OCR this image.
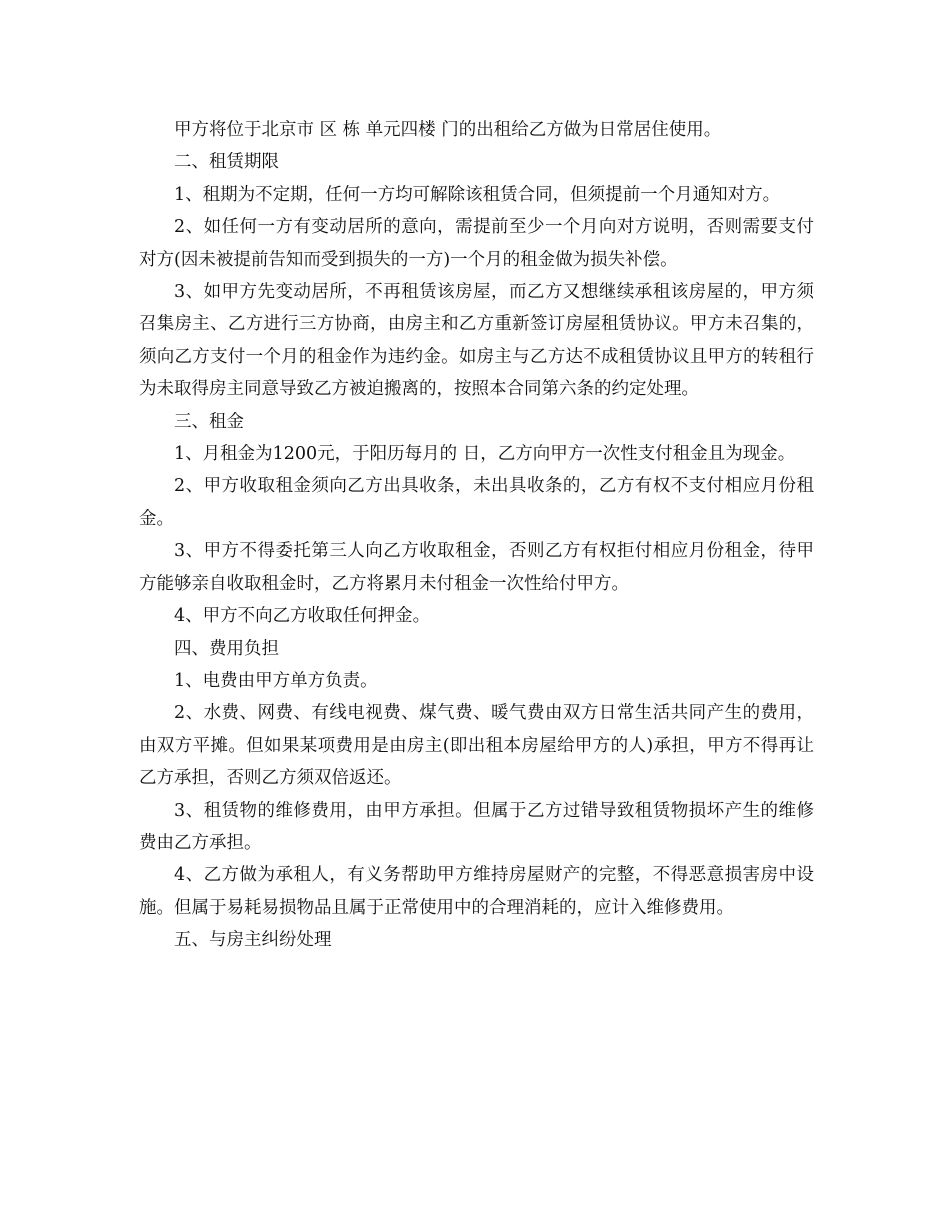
甲方将位于北京市 区 栋 单元四楼 门的出租给乙方做为日常居住使用。

二、租赁期限

1、租期为不定期，任何一方均可解除该租赁合同，但须提前一个月通知对方。

2、如任何一方有变动居所的意向，需提前至少一个月向对方说明，否则需要支付对方(因未被提前告知而受到损失的一方)一个月的租金做为损失补偿。

3、如甲方先变动居所，不再租赁该房屋，而乙方又想继续承租该房屋的，甲方须召集房主、乙方进行三方协商，由房主和乙方重新签订房屋租赁协议。甲方未召集的，须向乙方支付一个月的租金作为违约金。如房主与乙方达不成租赁协议且甲方的转租行为未取得房主同意导致乙方被迫搬离的，按照本合同第六条的约定处理。

三、租金

1、月租金为1200元，于阳历每月的 日，乙方向甲方一次性支付租金且为现金。

2、甲方收取租金须向乙方出具收条，未出具收条的，乙方有权不支付相应月份租金。

3、甲方不得委托第三人向乙方收取租金，否则乙方有权拒付相应月份租金，待甲方能够亲自收取租金时，乙方将累月未付租金一次性给付甲方。

4、甲方不向乙方收取任何押金。

四、费用负担

1、电费由甲方单方负责。

2、水费、网费、有线电视费、煤气费、暖气费由双方日常生活共同产生的费用，由双方平摊。但如果某项费用是由房主(即出租本房屋给甲方的人)承担，甲方不得再让乙方承担，否则乙方须双倍返还。

3、租赁物的维修费用，由甲方承担。但属于乙方过错导致租赁物损坏产生的维修费由乙方承担。

4、乙方做为承租人，有义务帮助甲方维持房屋财产的完整，不得恶意损害房中设施。但属于易耗易损物品且属于正常使用中的合理消耗的，应计入维修费用。

五、与房主纠纷处理
